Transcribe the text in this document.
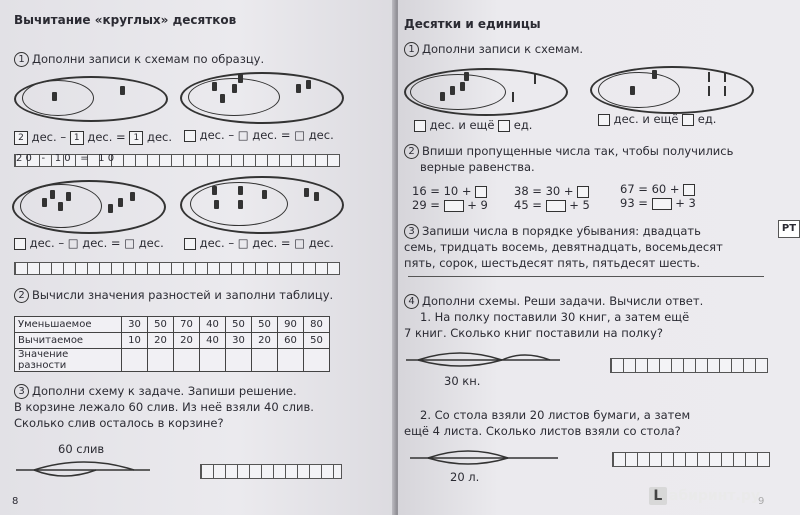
Вычитание «круглых» десятков
1 Дополни записи к схемам по образцу.
2 дес. – 1 дес. = 1 дес.	дес. – □ дес. = □ дес.
20 - 10 = 10
дес. – □ дес. = □ дес.	дес. – □ дес. = □ дес.
2 Вычисли значения разностей и заполни таблицу.
Уменьшаемое	30	50	70	40	50	50	90	80
Вычитаемое	10	20	20	40	30	20	60	50
Значение разности								
3 Дополни схему к задаче. Запиши решение.
В корзине лежало 60 слив. Из неё взяли 40 слив.
Сколько слив осталось в корзине?
60 слив
8
Десятки и единицы
1 Дополни записи к схемам.
дес. и ещё ед.	дес. и ещё ед.
2 Впиши пропущенные числа так, чтобы получились
верные равенства.
16 = 10 +
29 = + 9
38 = 30 +
45 = + 5
67 = 60 +
93 = + 3
3 Запиши числа в порядке убывания: двадцать
семь, тридцать восемь, девятнадцать, восемьдесят
пять, сорок, шестьдесят пять, пятьдесят шесть.
4 Дополни схемы. Реши задачи. Вычисли ответ.
1. На полку поставили 30 книг, а затем ещё
7 книг. Сколько книг поставили на полку?
30 кн.
2. Со стола взяли 20 листов бумаги, а затем
ещё 4 листа. Сколько листов взяли со стола?
20 л.
РТ
9
L абиринт.ру
